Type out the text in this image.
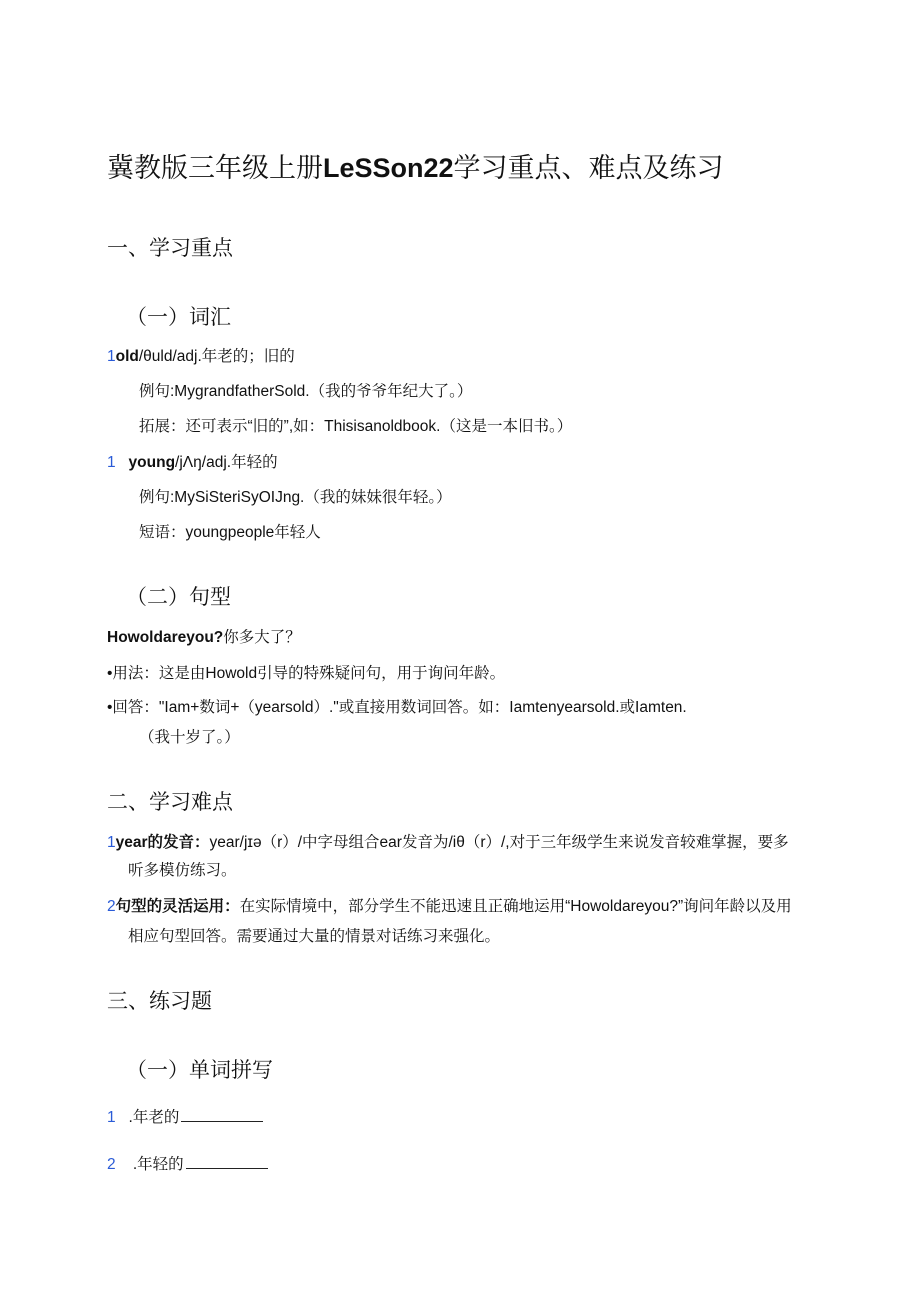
冀教版三年级上册LeSSon22学习重点、难点及练习
一、学习重点
（一）词汇
1old/θuld/adj.年老的；旧的
例句:MygrandfatherSold.（我的爷爷年纪大了。）
拓展：还可表示“旧的”,如：Thisisanoldbook.（这是一本旧书。）
1 young/jΛŋ/adj.年轻的
例句:MySiSteriSyOIJng.（我的妹妹很年轻。）
短语：youngpeople年轻人
（二）句型
Howoldareyou?你多大了？
•用法：这是由Howold引导的特殊疑问句，用于询问年龄。
•回答："Iam+数词+（yearsold）."或直接用数词回答。如：Iamtenyearsold.或Iamten.
（我十岁了。）
二、学习难点
1year的发音：year/jɪə（r）/中字母组合ear发音为/iθ（r）/,对于三年级学生来说发音较难掌握，要多
听多模仿练习。
2句型的灵活运用：在实际情境中，部分学生不能迅速且正确地运用“Howoldareyou?”询问年龄以及用
相应句型回答。需要通过大量的情景对话练习来强化。
三、练习题
（一）单词拼写
1 .年老的
2 .年轻的
